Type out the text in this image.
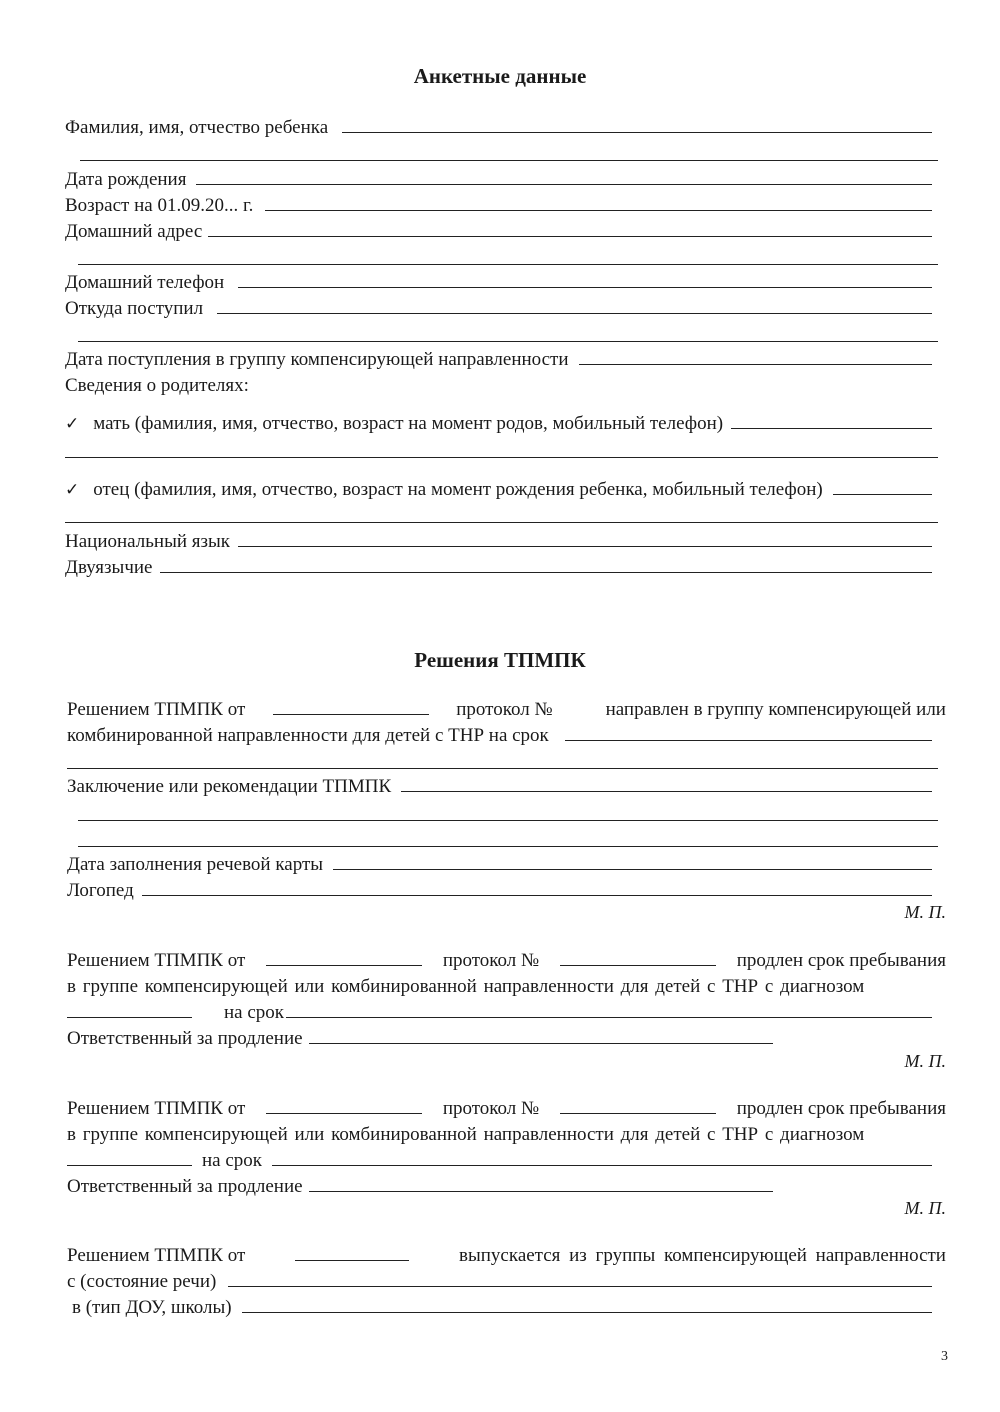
Анкетные данные
Фамилия, имя, отчество ребенка
Дата рождения
Возраст на 01.09.20... г.
Домашний адрес
Домашний телефон
Откуда поступил
Дата поступления в группу компенсирующей направленности
Сведения о родителях:
✓ мать (фамилия, имя, отчество, возраст на момент родов, мобильный телефон)
✓ отец (фамилия, имя, отчество, возраст на момент рождения ребенка, мобильный телефон)
Национальный язык
Двуязычие
Решения ТПМПК
Решением ТПМПК от	протокол №	направлен в группу компенсирующей или
комбинированной направленности для детей с ТНР на срок
Заключение или рекомендации ТПМПК
Дата заполнения речевой карты
Логопед
М. П.
Решением ТПМПК от	протокол №	продлен срок пребывания
в группе компенсирующей или комбинированной направленности для детей с ТНР с диагнозом
на срок
Ответственный за продление
М. П.
Решением ТПМПК от	протокол №	продлен срок пребывания
в группе компенсирующей или комбинированной направленности для детей с ТНР с диагнозом
на срок
Ответственный за продление
М. П.
Решением ТПМПК от	выпускается из группы компенсирующей направленности
с (состояние речи)
в (тип ДОУ, школы)
3
